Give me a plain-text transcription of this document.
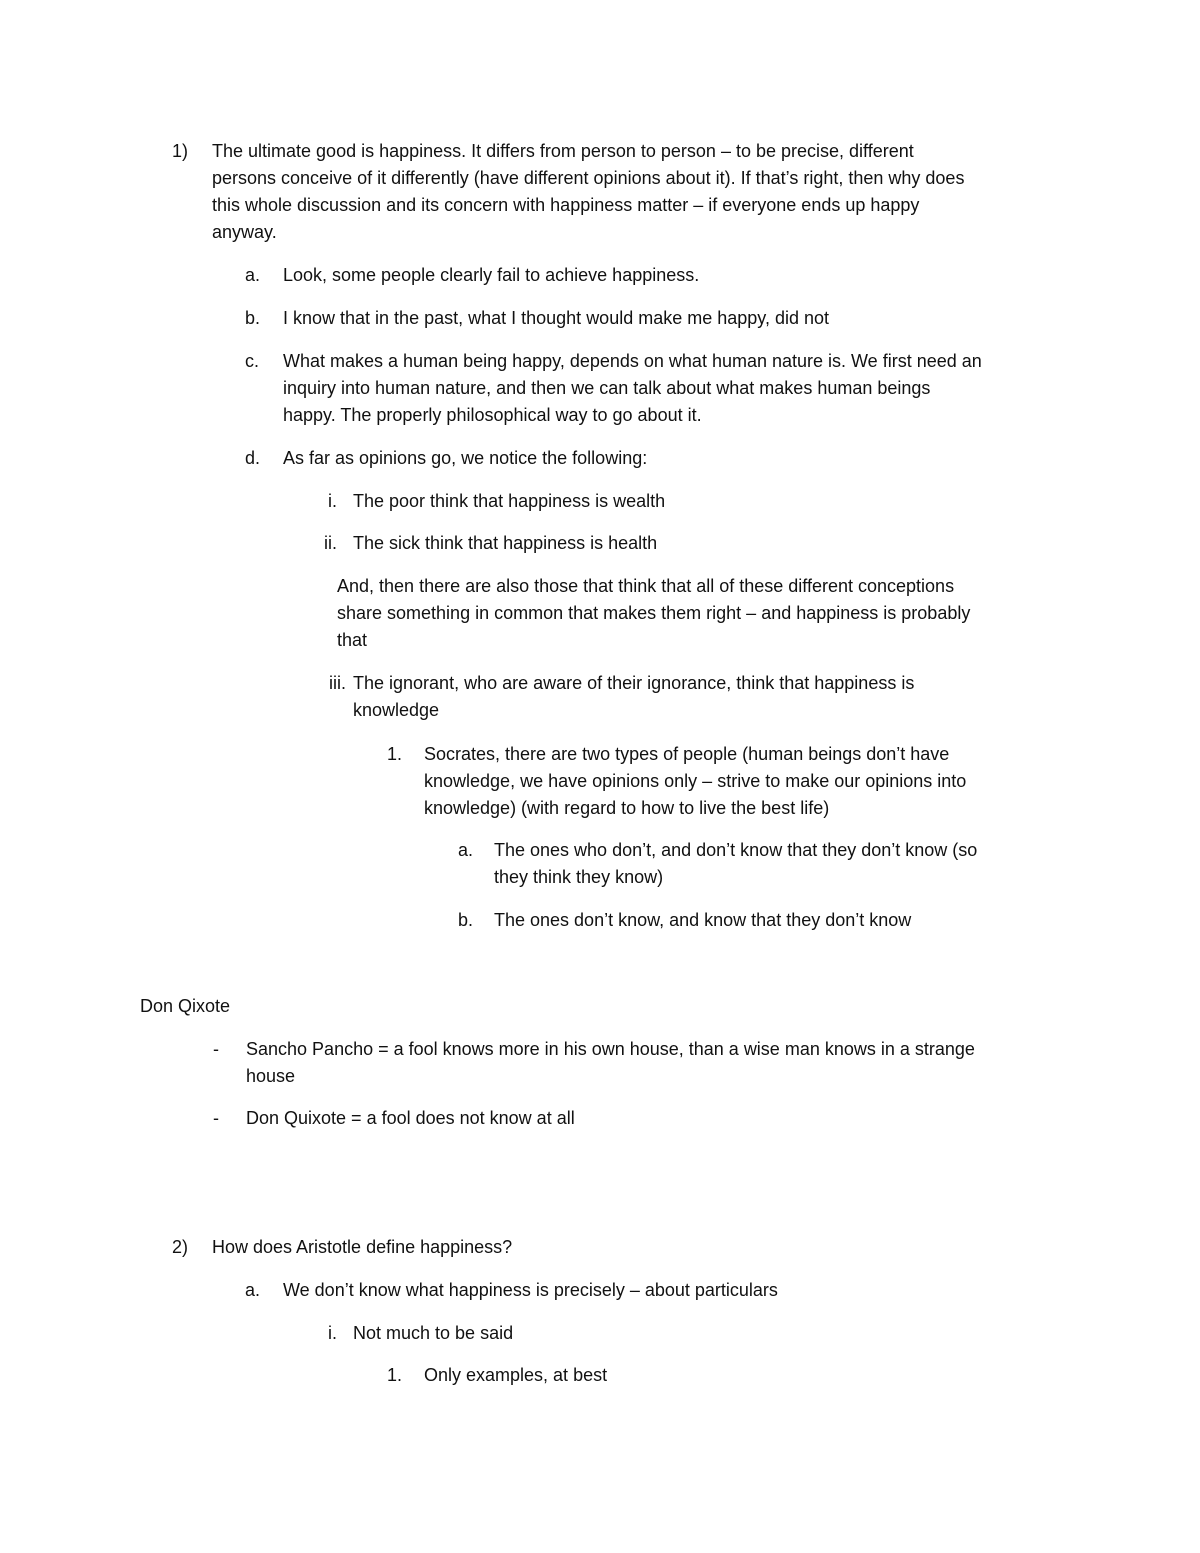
1) The ultimate good is happiness. It differs from person to person – to be precise, different
persons conceive of it differently (have different opinions about it). If that’s right, then why does
this whole discussion and its concern with happiness matter – if everyone ends up happy
anyway.
a. Look, some people clearly fail to achieve happiness.
b. I know that in the past, what I thought would make me happy, did not
c. What makes a human being happy, depends on what human nature is. We first need an
inquiry into human nature, and then we can talk about what makes human beings
happy. The properly philosophical way to go about it.
d. As far as opinions go, we notice the following:
i. The poor think that happiness is wealth
ii. The sick think that happiness is health
And, then there are also those that think that all of these different conceptions
share something in common that makes them right – and happiness is probably
that
iii. The ignorant, who are aware of their ignorance, think that happiness is
knowledge
1. Socrates, there are two types of people (human beings don’t have
knowledge, we have opinions only – strive to make our opinions into
knowledge) (with regard to how to live the best life)
a. The ones who don’t, and don’t know that they don’t know (so
they think they know)
b. The ones don’t know, and know that they don’t know
Don Qixote
- Sancho Pancho = a fool knows more in his own house, than a wise man knows in a strange
house
- Don Quixote = a fool does not know at all
2) How does Aristotle define happiness?
a. We don’t know what happiness is precisely – about particulars
i. Not much to be said
1. Only examples, at best
